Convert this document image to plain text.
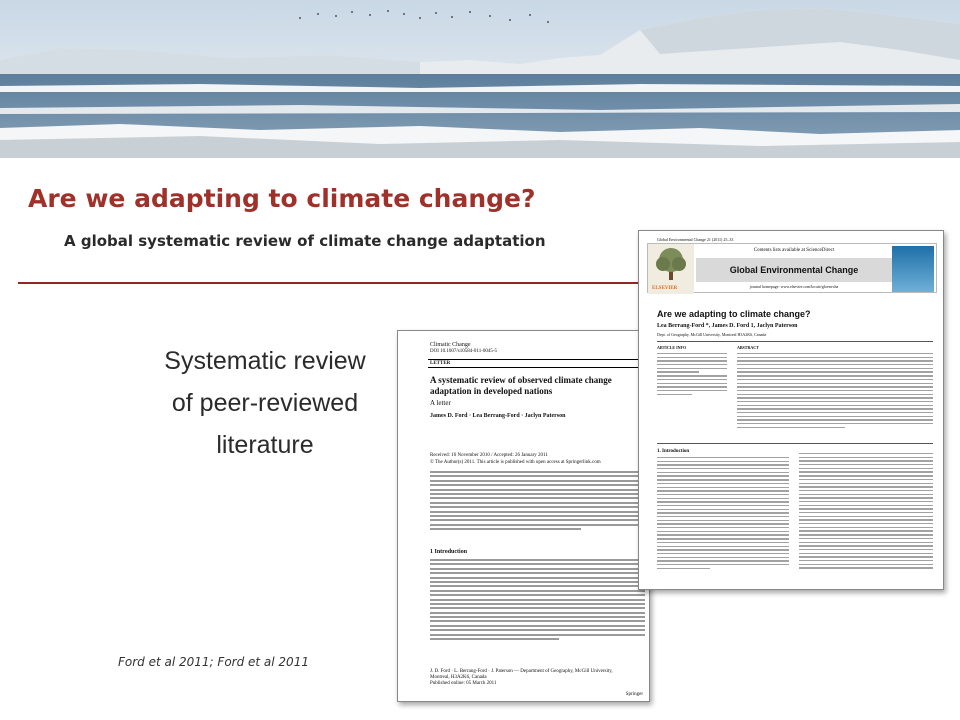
Are we adapting to climate change?
A global systematic review of climate change adaptation
Systematic review
of peer-reviewed
literature
Ford et al 2011; Ford et al 2011
Climatic Change
DOI 10.1007/s10584-011-0045-5
LETTER
A systematic review of observed climate change adaptation in developed nations
A letter
James D. Ford · Lea Berrang-Ford · Jaclyn Paterson
Received: 16 November 2010 / Accepted: 26 January 2011
© The Author(s) 2011. This article is published with open access at Springerlink.com
1 Introduction
J. D. Ford · L. Berrang-Ford · J. Paterson — Department of Geography, McGill University, Montreal, H3A2K6, Canada
Published online: 05 March 2011
Springer
Global Environmental Change 21 (2011) 25–33
ELSEVIER
Contents lists available at ScienceDirect
Global Environmental Change
journal homepage: www.elsevier.com/locate/gloenvcha
Are we adapting to climate change?
Lea Berrang-Ford *, James D. Ford 1, Jaclyn Paterson
Dept. of Geography, McGill University, Montreal H3A2K6, Canada
ARTICLE INFO	ABSTRACT
1. Introduction
